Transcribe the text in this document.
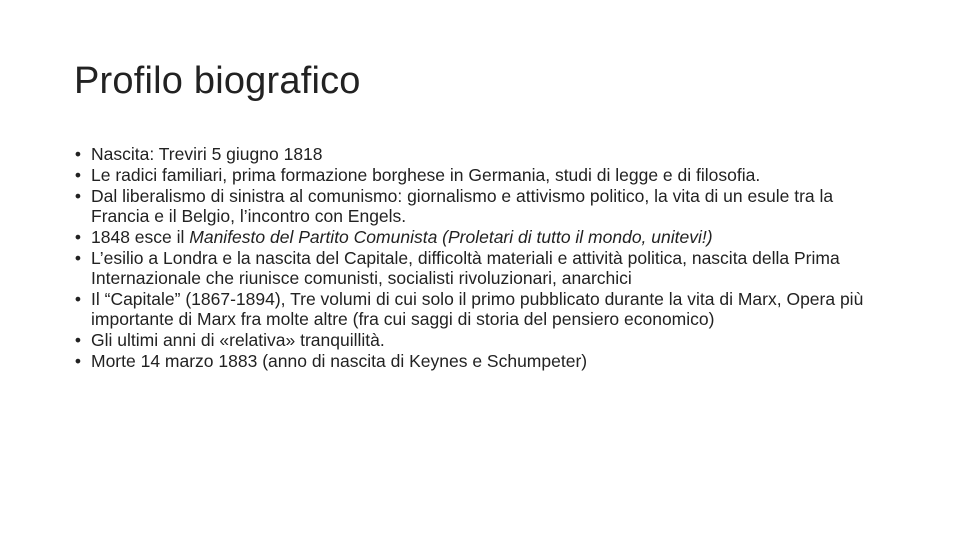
Profilo biografico
• Nascita: Treviri 5 giugno 1818
• Le radici familiari, prima formazione borghese in Germania, studi di legge e di filosofia.
• Dal liberalismo di sinistra al comunismo: giornalismo e attivismo politico, la vita di un esule tra la Francia e il Belgio, l’incontro con Engels.
• 1848 esce il Manifesto del Partito Comunista (Proletari di tutto il mondo, unitevi!)
• L’esilio a Londra e la nascita del Capitale, difficoltà materiali e attività politica, nascita della Prima Internazionale che riunisce comunisti, socialisti rivoluzionari, anarchici
• Il “Capitale” (1867-1894), Tre volumi di cui solo il primo pubblicato durante la vita di Marx, Opera più importante di Marx fra molte altre (fra cui saggi di storia del pensiero economico)
• Gli ultimi anni di «relativa» tranquillità.
• Morte 14 marzo 1883 (anno di nascita di Keynes e Schumpeter)
